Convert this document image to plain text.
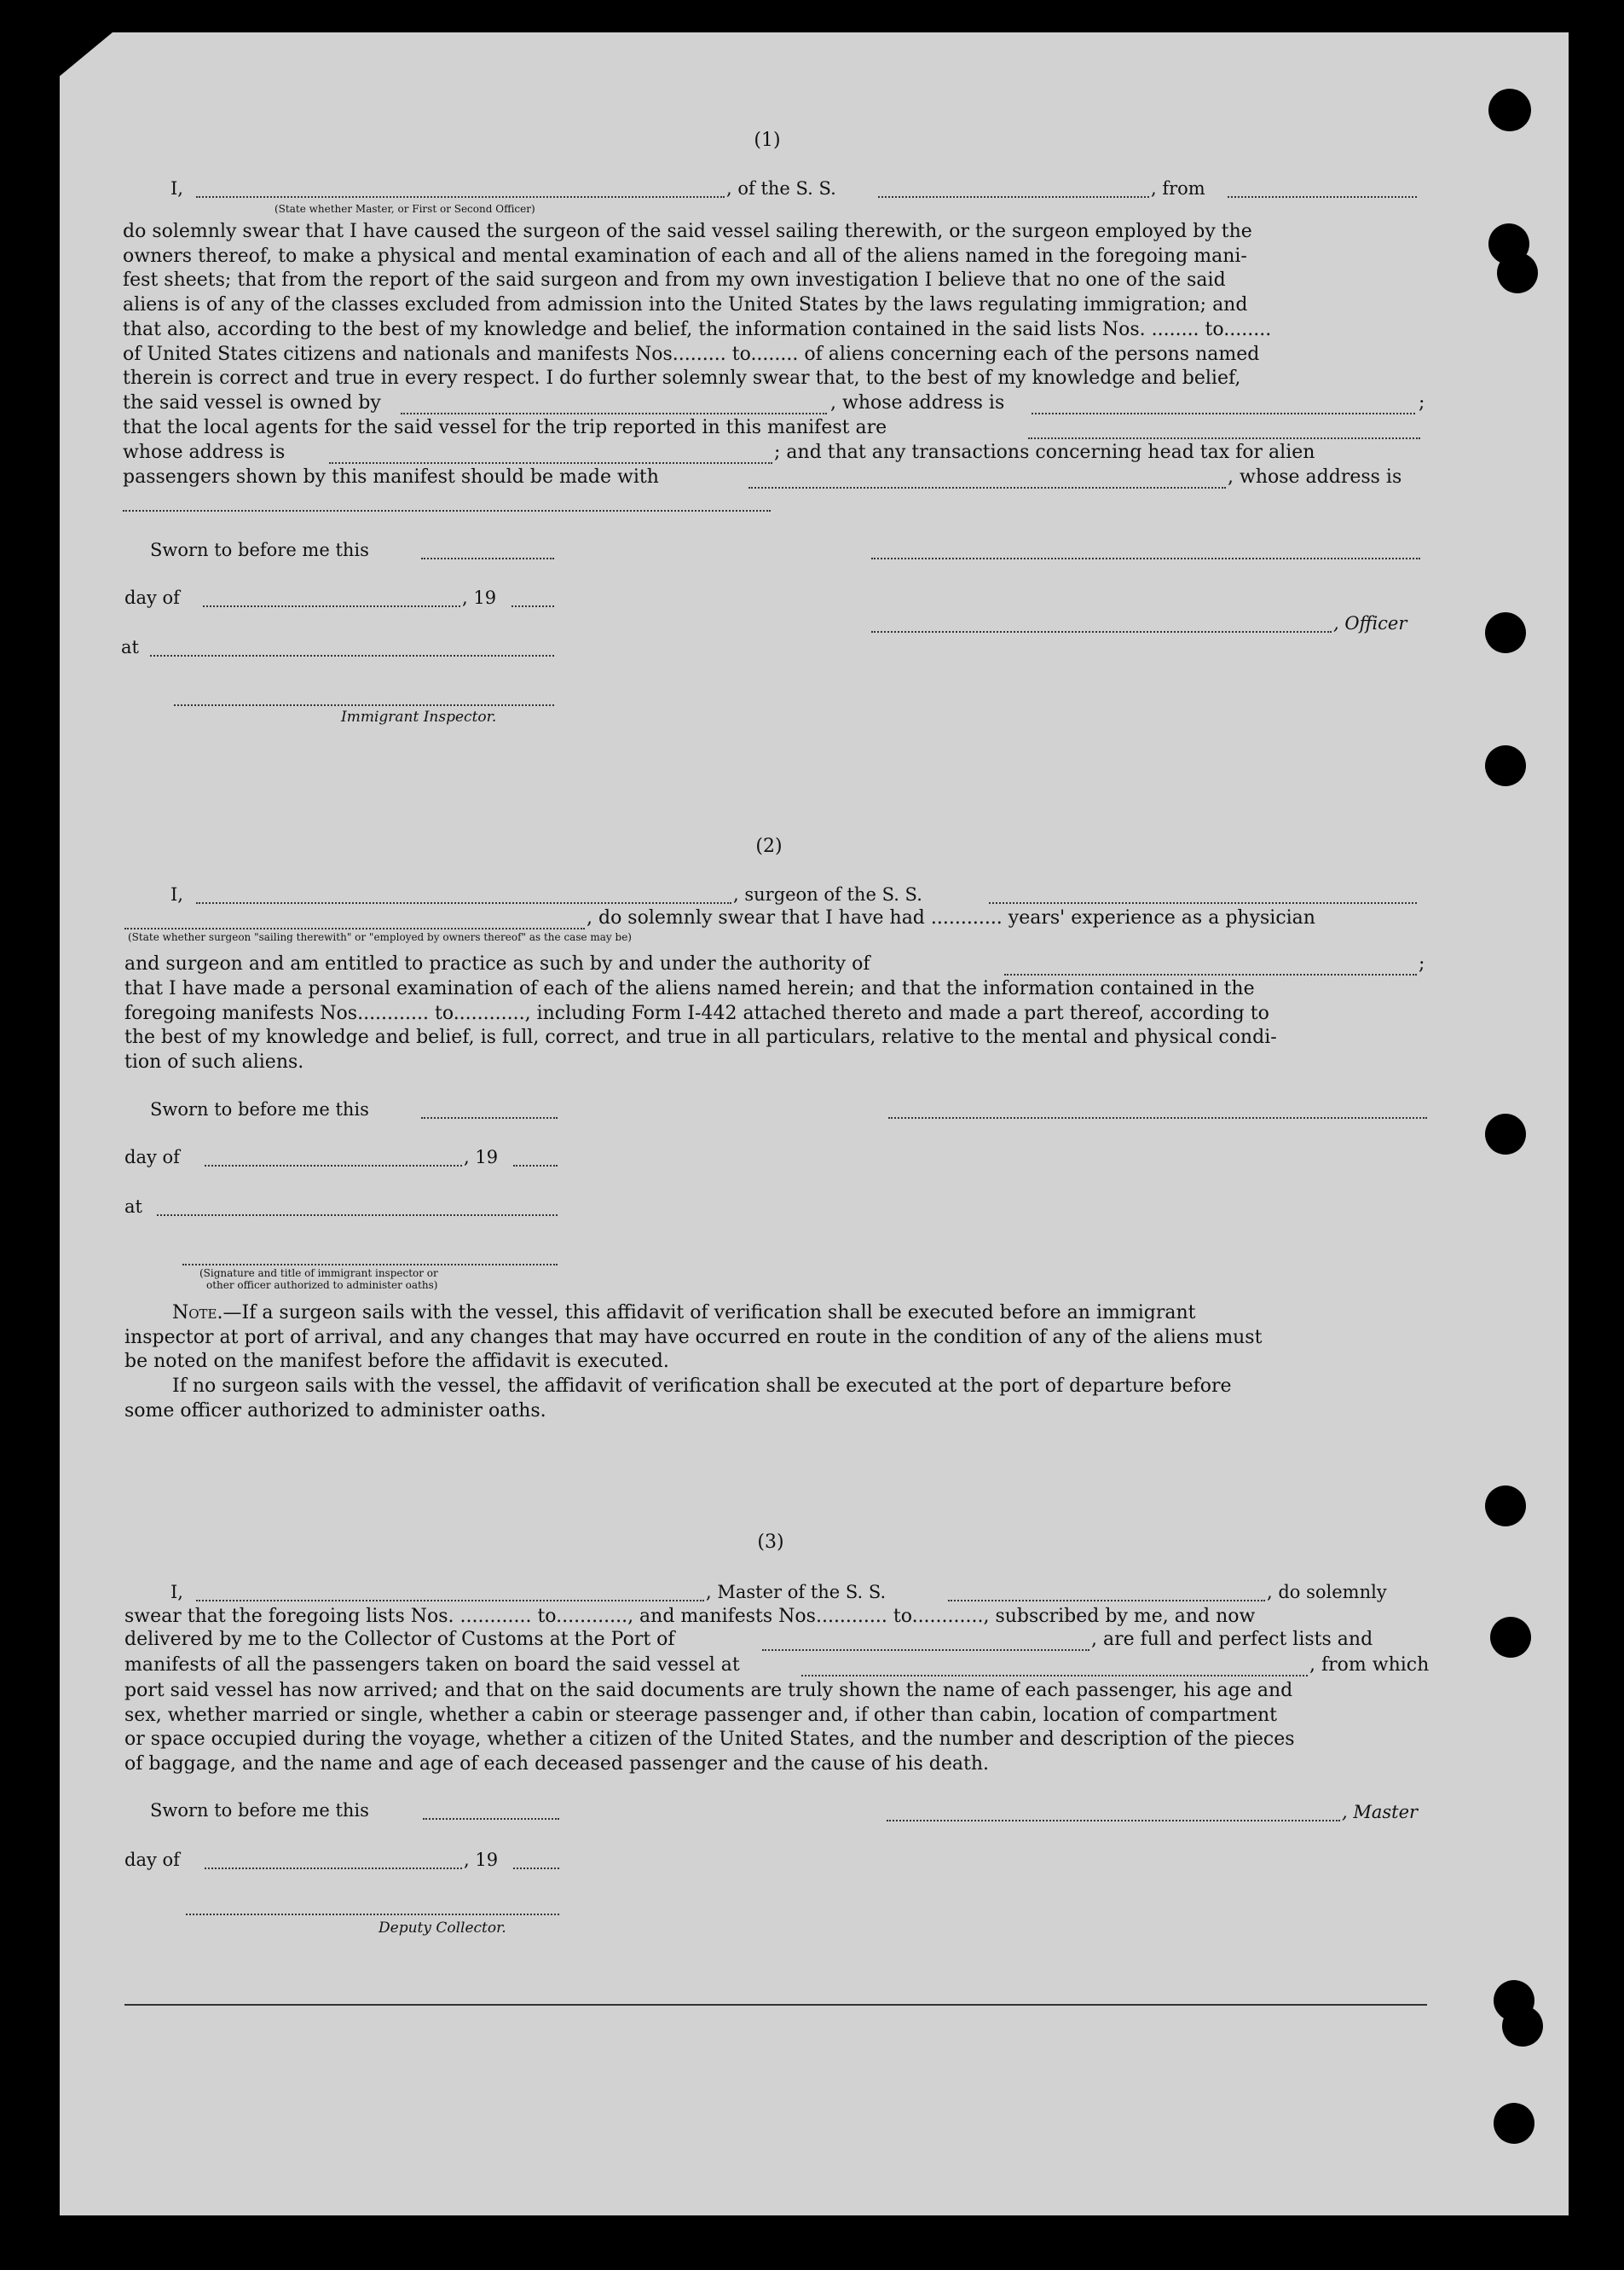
(1)
I,	, of the S. S.	, from
(State whether Master, or First or Second Officer)
do solemnly swear that I have caused the surgeon of the said vessel sailing therewith, or the surgeon employed by the
owners thereof, to make a physical and mental examination of each and all of the aliens named in the foregoing mani-
fest sheets; that from the report of the said surgeon and from my own investigation I believe that no one of the said
aliens is of any of the classes excluded from admission into the United States by the laws regulating immigration; and
that also, according to the best of my knowledge and belief, the information contained in the said lists Nos. ........ to........
of United States citizens and nationals and manifests Nos......... to........ of aliens concerning each of the persons named
therein is correct and true in every respect. I do further solemnly swear that, to the best of my knowledge and belief,
the said vessel is owned by	, whose address is	;
that the local agents for the said vessel for the trip reported in this manifest are
whose address is	; and that any transactions concerning head tax for alien
passengers shown by this manifest should be made with	, whose address is
Sworn to before me this
day of	, 19
, Officer
at
Immigrant Inspector.
(2)
I,	, surgeon of the S. S.
, do solemnly swear that I have had ............ years' experience as a physician
(State whether surgeon "sailing therewith" or "employed by owners thereof" as the case may be)
and surgeon and am entitled to practice as such by and under the authority of	;
that I have made a personal examination of each of the aliens named herein; and that the information contained in the
foregoing manifests Nos............ to............, including Form I-442 attached thereto and made a part thereof, according to
the best of my knowledge and belief, is full, correct, and true in all particulars, relative to the mental and physical condi-
tion of such aliens.
Sworn to before me this
day of	, 19
at
(Signature and title of immigrant inspector or
other officer authorized to administer oaths)
Note.—If a surgeon sails with the vessel, this affidavit of verification shall be executed before an immigrant
inspector at port of arrival, and any changes that may have occurred en route in the condition of any of the aliens must
be noted on the manifest before the affidavit is executed.
If no surgeon sails with the vessel, the affidavit of verification shall be executed at the port of departure before
some officer authorized to administer oaths.
(3)
I,	, Master of the S. S.	, do solemnly
swear that the foregoing lists Nos. ............ to............, and manifests Nos............ to............, subscribed by me, and now
delivered by me to the Collector of Customs at the Port of	, are full and perfect lists and
manifests of all the passengers taken on board the said vessel at	, from which
port said vessel has now arrived; and that on the said documents are truly shown the name of each passenger, his age and
sex, whether married or single, whether a cabin or steerage passenger and, if other than cabin, location of compartment
or space occupied during the voyage, whether a citizen of the United States, and the number and description of the pieces
of baggage, and the name and age of each deceased passenger and the cause of his death.
Sworn to before me this	, Master
day of	, 19
Deputy Collector.
